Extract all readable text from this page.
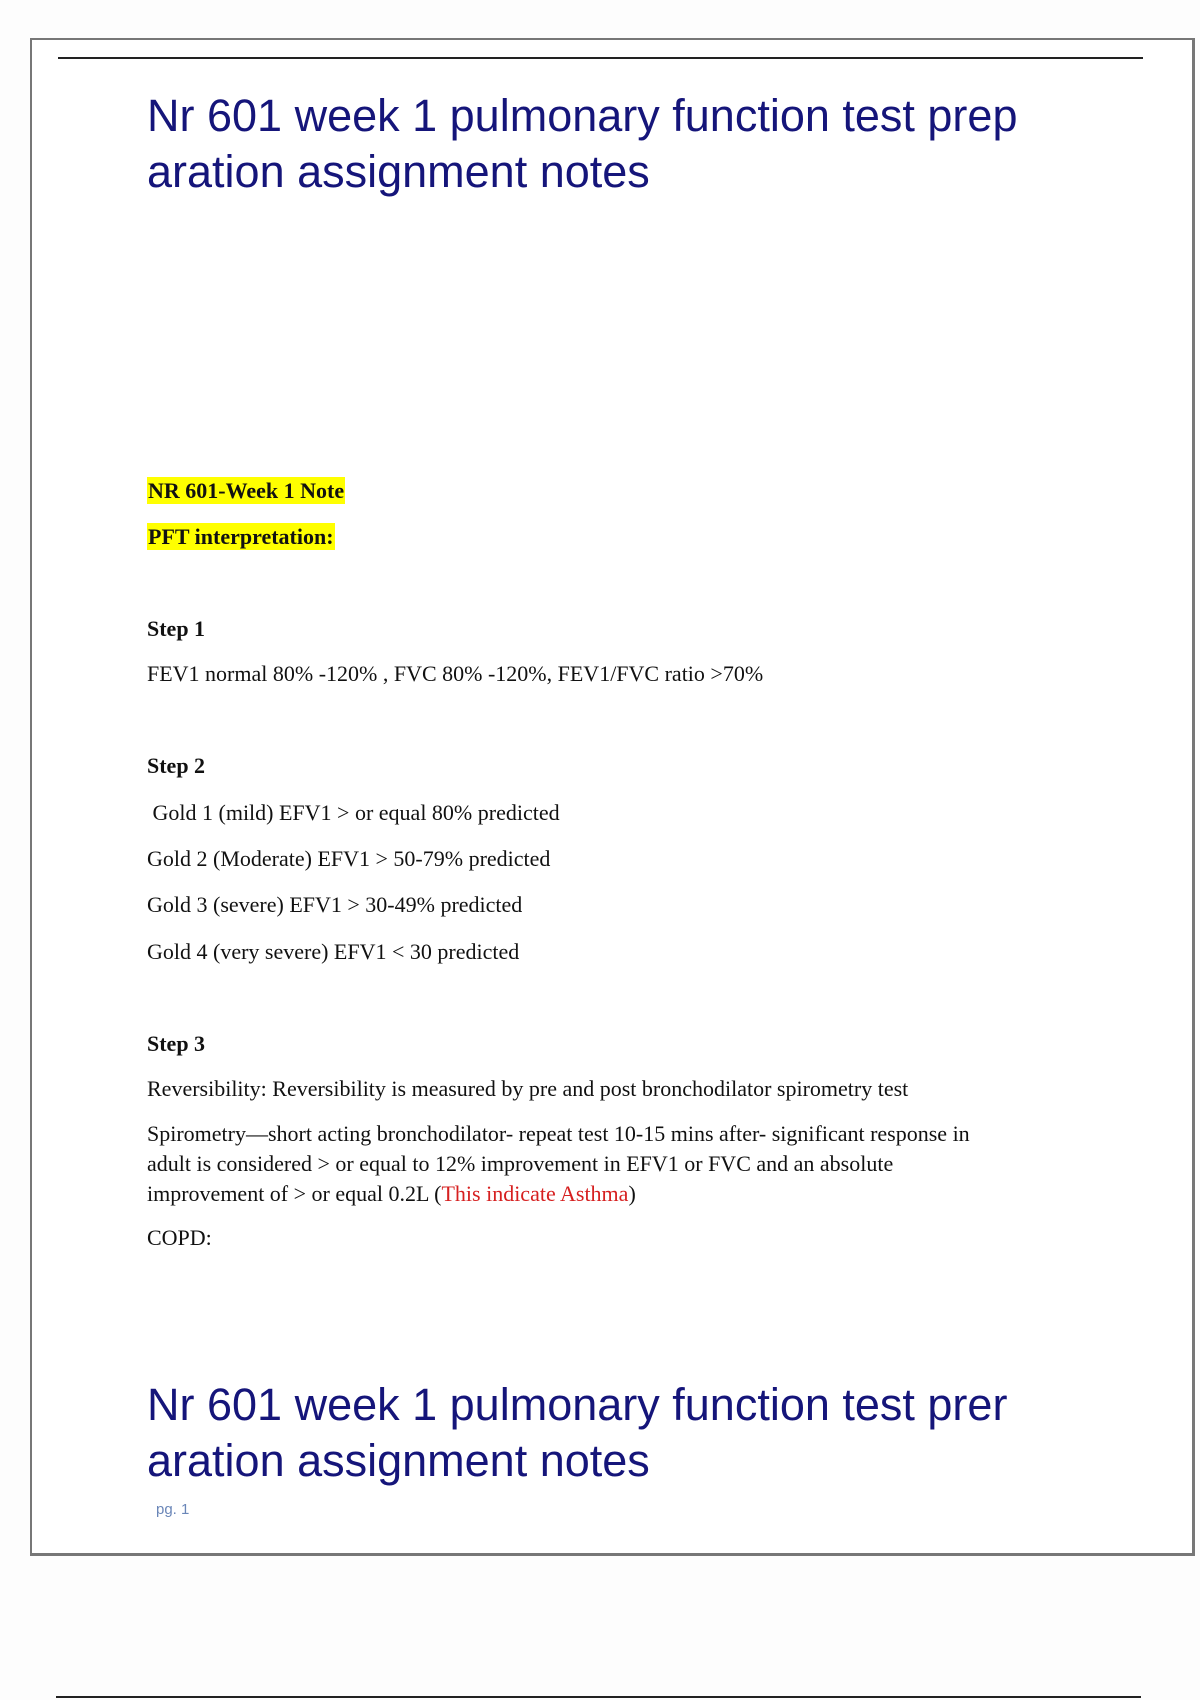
Nr 601 week 1 pulmonary function test prep
aration assignment notes

NR 601-Week 1 Note

PFT interpretation:

Step 1

FEV1 normal 80% -120% , FVC 80% -120%, FEV1/FVC ratio >70%

Step 2

Gold 1 (mild) EFV1 > or equal 80% predicted

Gold 2 (Moderate) EFV1 > 50-79% predicted

Gold 3 (severe) EFV1 > 30-49% predicted

Gold 4 (very severe) EFV1 < 30 predicted

Step 3

Reversibility: Reversibility is measured by pre and post bronchodilator spirometry test

Spirometry—short acting bronchodilator- repeat test 10-15 mins after- significant response in
adult is considered > or equal to 12% improvement in EFV1 or FVC and an absolute
improvement of > or equal 0.2L (This indicate Asthma)

COPD:

Nr 601 week 1 pulmonary function test prer
aration assignment notes
pg. 1
